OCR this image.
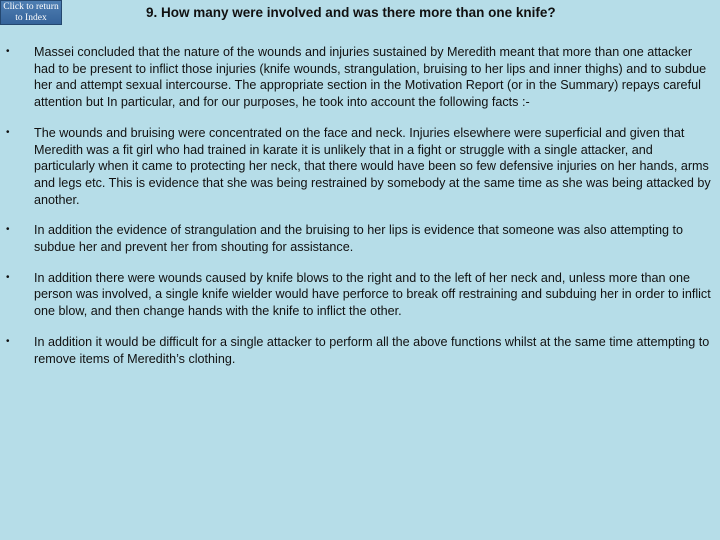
Click to return
to Index	9. How many were involved and was there more than one knife?
• Massei concluded that the nature of the wounds and injuries sustained by Meredith meant that more than one attacker had to be present to inflict those injuries (knife wounds, strangulation, bruising to her lips and inner thighs) and to subdue her and attempt sexual intercourse. The appropriate section in the Motivation Report (or in the Summary) repays careful attention but In particular, and for our purposes, he took into account the following facts :-
• The wounds and bruising were concentrated on the face and neck. Injuries elsewhere were superficial and given that Meredith was a fit girl who had trained in karate it is unlikely that in a fight or struggle with a single attacker, and particularly when it came to protecting her neck, that there would have been so few defensive injuries on her hands, arms and legs etc. This is evidence that she was being restrained by somebody at the same time as she was being attacked by another.
• In addition the evidence of strangulation and the bruising to her lips is evidence that someone was also attempting to subdue her and prevent her from shouting for assistance.
• In addition there were wounds caused by knife blows to the right and to the left of her neck and, unless more than one person was involved, a single knife wielder would have perforce to break off restraining and subduing her in order to inflict one blow, and then change hands with the knife to inflict the other.
• In addition it would be difficult for a single attacker to perform all the above functions whilst at the same time attempting to remove items of Meredith’s clothing.
